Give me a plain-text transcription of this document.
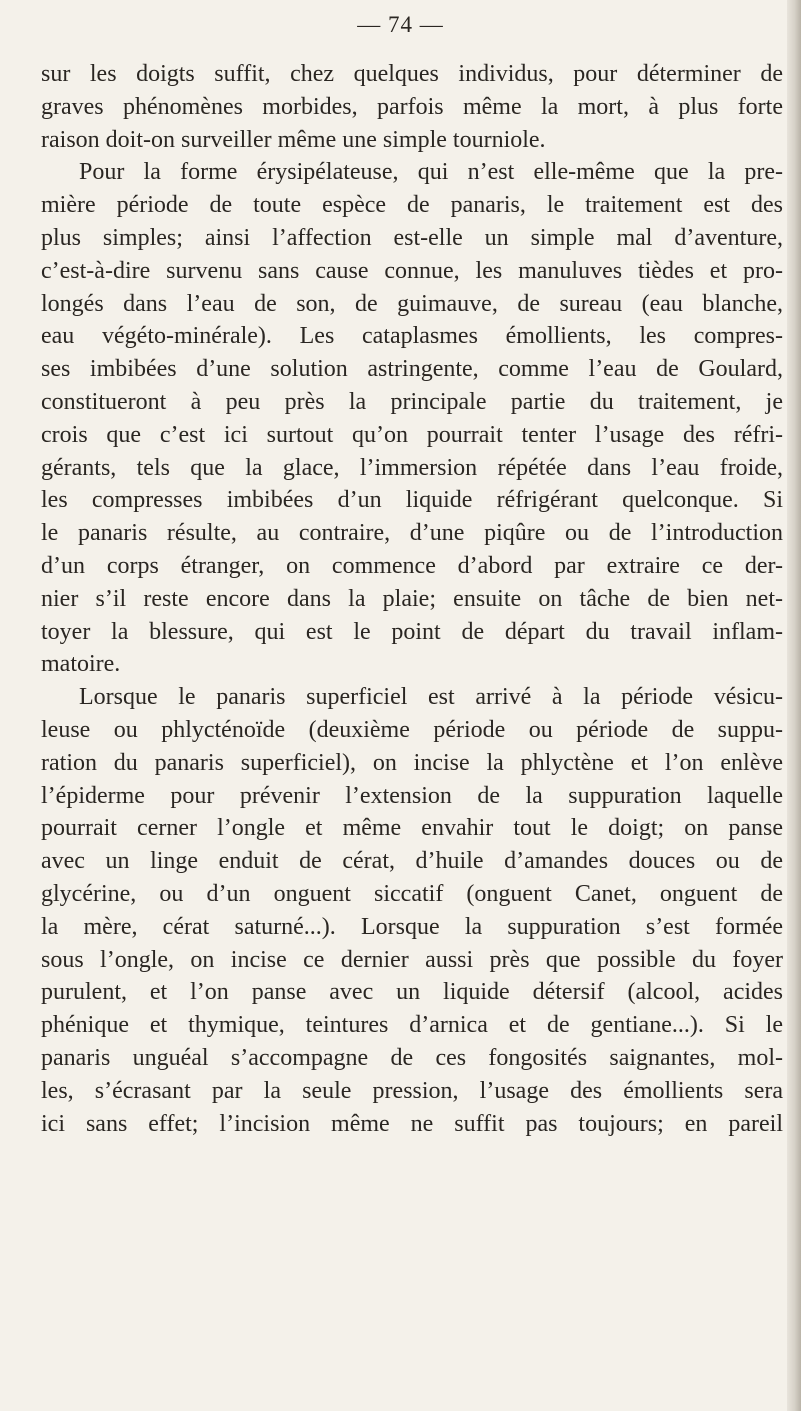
— 74 —
sur les doigts suffit, chez quelques individus, pour déterminer de
graves phénomènes morbides, parfois même la mort, à plus forte
raison doit-on surveiller même une simple tourniole.
Pour la forme érysipélateuse, qui n’est elle-même que la pre-
mière période de toute espèce de panaris, le traitement est des
plus simples; ainsi l’affection est-elle un simple mal d’aventure,
c’est-à-dire survenu sans cause connue, les manuluves tièdes et pro-
longés dans l’eau de son, de guimauve, de sureau (eau blanche,
eau végéto-minérale). Les cataplasmes émollients, les compres-
ses imbibées d’une solution astringente, comme l’eau de Goulard,
constitueront à peu près la principale partie du traitement, je
crois que c’est ici surtout qu’on pourrait tenter l’usage des réfri-
gérants, tels que la glace, l’immersion répétée dans l’eau froide,
les compresses imbibées d’un liquide réfrigérant quelconque. Si
le panaris résulte, au contraire, d’une piqûre ou de l’introduction
d’un corps étranger, on commence d’abord par extraire ce der-
nier s’il reste encore dans la plaie; ensuite on tâche de bien net-
toyer la blessure, qui est le point de départ du travail inflam-
matoire.
Lorsque le panaris superficiel est arrivé à la période vésicu-
leuse ou phlycténoïde (deuxième période ou période de suppu-
ration du panaris superficiel), on incise la phlyctène et l’on enlève
l’épiderme pour prévenir l’extension de la suppuration laquelle
pourrait cerner l’ongle et même envahir tout le doigt; on panse
avec un linge enduit de cérat, d’huile d’amandes douces ou de
glycérine, ou d’un onguent siccatif (onguent Canet, onguent de
la mère, cérat saturné...). Lorsque la suppuration s’est formée
sous l’ongle, on incise ce dernier aussi près que possible du foyer
purulent, et l’on panse avec un liquide détersif (alcool, acides
phénique et thymique, teintures d’arnica et de gentiane...). Si le
panaris unguéal s’accompagne de ces fongosités saignantes, mol-
les, s’écrasant par la seule pression, l’usage des émollients sera
ici sans effet; l’incision même ne suffit pas toujours; en pareil
